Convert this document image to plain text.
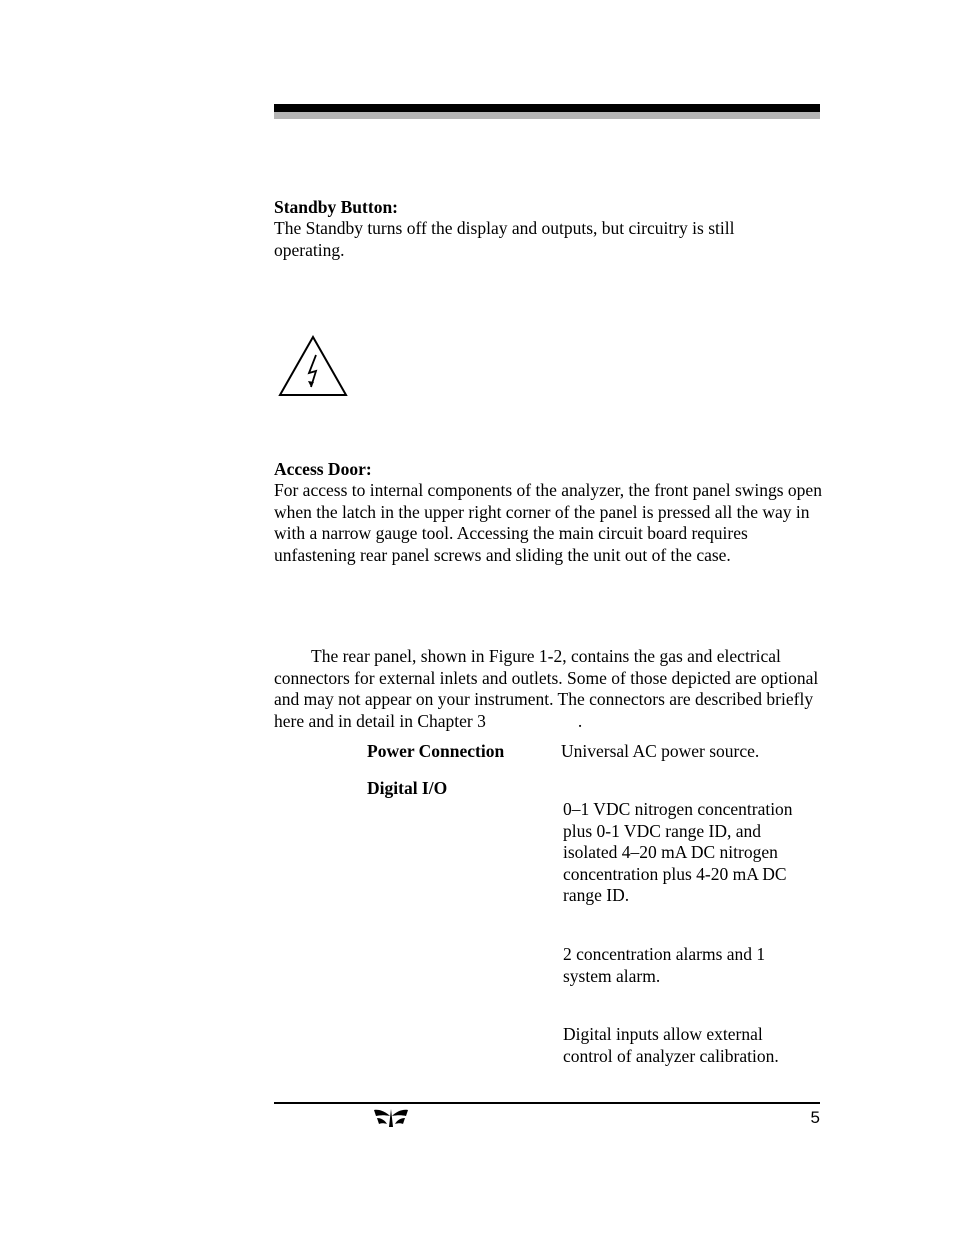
Standby Button:
The Standby turns off the display and outputs, but circuitry is still operating.
Access Door:
For access to internal components of the analyzer, the front panel swings open when the latch in the upper right corner of the panel is pressed all the way in with a narrow gauge tool. Accessing the main circuit board requires unfastening rear panel screws and sliding the unit out of the case.
The rear panel, shown in Figure 1-2, contains the gas and electrical connectors for external inlets and outlets. Some of those depicted are optional and may not appear on your instrument. The connectors are described briefly here and in detail in Chapter 3	.
Power Connection	Universal AC power source.
Digital I/O
0–1 VDC nitrogen concentration plus 0-1 VDC range ID, and isolated 4–20 mA DC nitrogen concentration plus 4-20 mA DC range ID.
2 concentration alarms and 1 system alarm.
Digital inputs allow external control of analyzer calibration.
5
